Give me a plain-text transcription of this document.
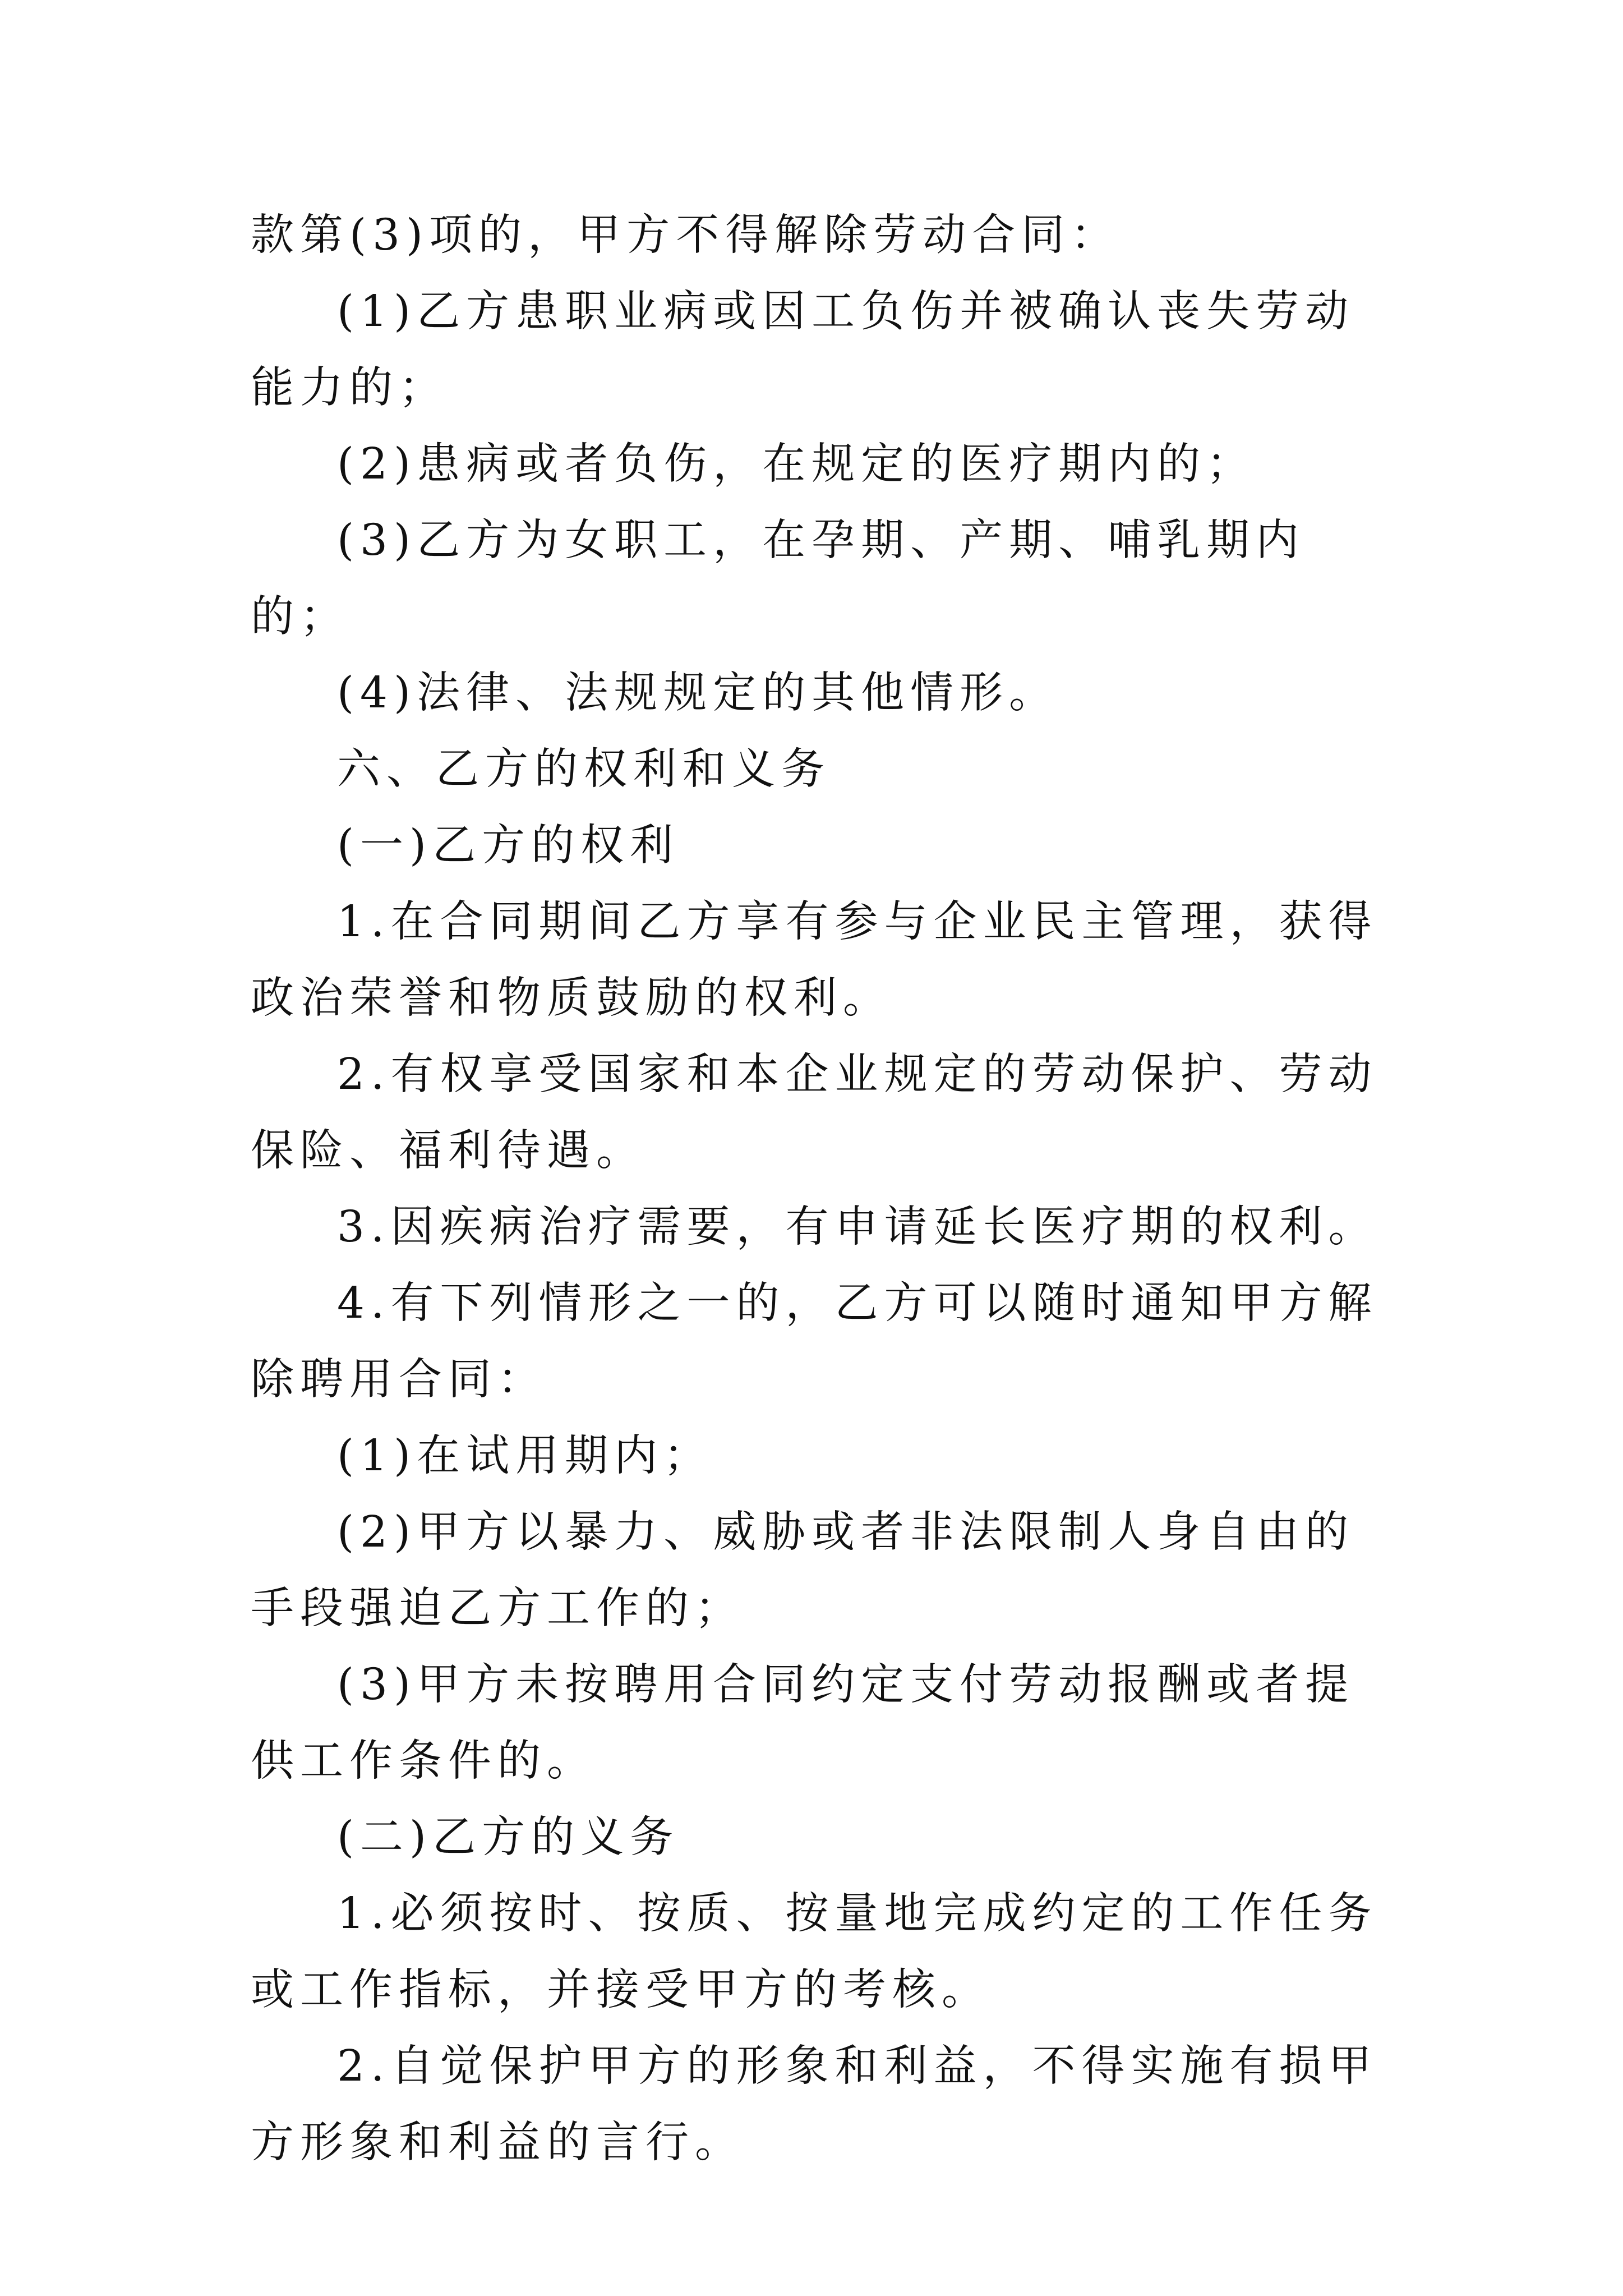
款第(3)项的，甲方不得解除劳动合同：

(1)乙方患职业病或因工负伤并被确认丧失劳动能力的；

(2)患病或者负伤，在规定的医疗期内的；

(3)乙方为女职工，在孕期、产期、哺乳期内的；

(4)法律、法规规定的其他情形。

六、乙方的权利和义务

(一)乙方的权利

1.在合同期间乙方享有参与企业民主管理，获得政治荣誉和物质鼓励的权利。

2.有权享受国家和本企业规定的劳动保护、劳动保险、福利待遇。

3.因疾病治疗需要，有申请延长医疗期的权利。

4.有下列情形之一的，乙方可以随时通知甲方解除聘用合同：

(1)在试用期内；

(2)甲方以暴力、威胁或者非法限制人身自由的手段强迫乙方工作的；

(3)甲方未按聘用合同约定支付劳动报酬或者提供工作条件的。

(二)乙方的义务

1.必须按时、按质、按量地完成约定的工作任务或工作指标，并接受甲方的考核。

2.自觉保护甲方的形象和利益，不得实施有损甲方形象和利益的言行。
